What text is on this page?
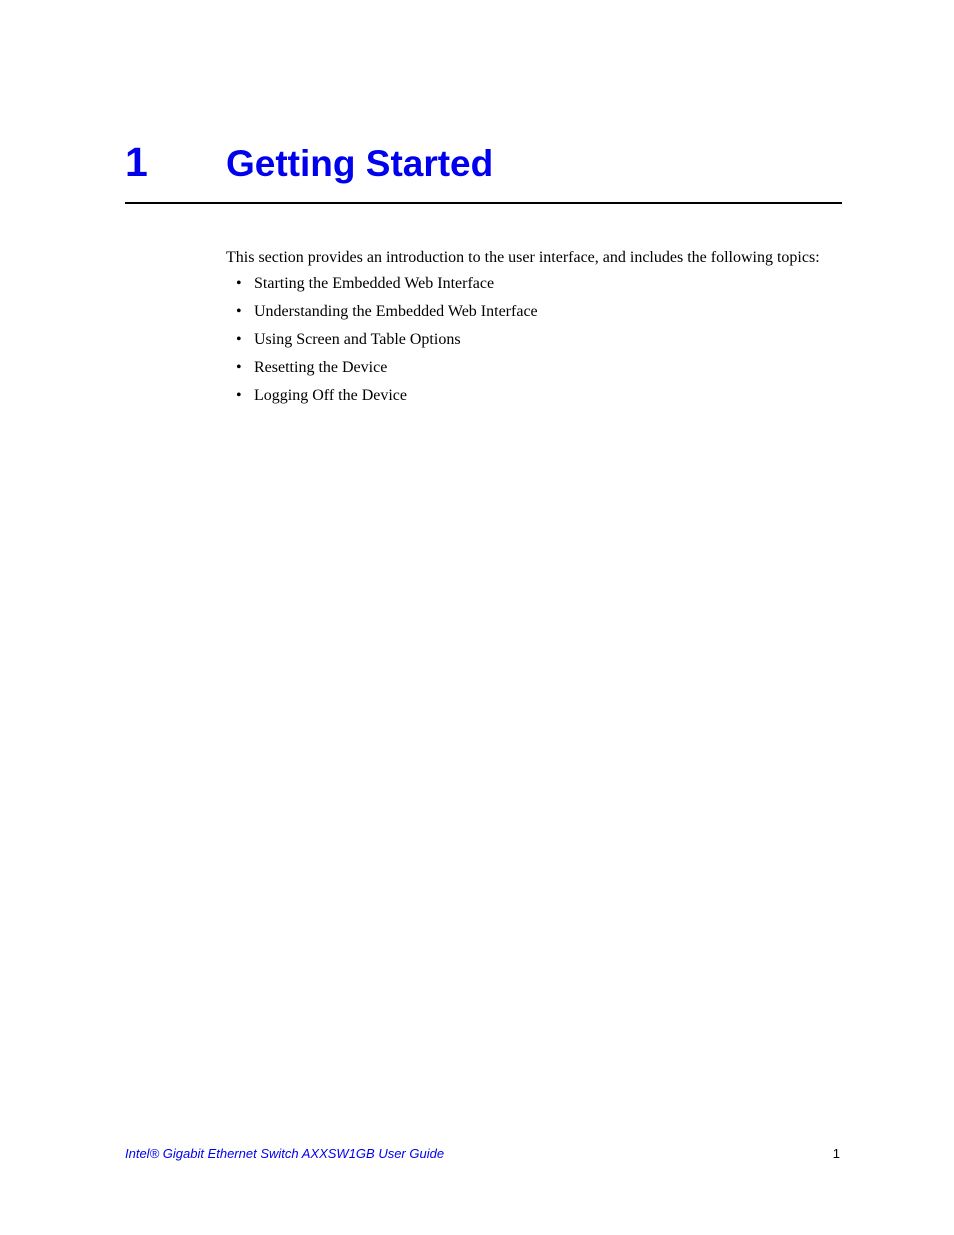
1 Getting Started

This section provides an introduction to the user interface, and includes the following topics:

• Starting the Embedded Web Interface
• Understanding the Embedded Web Interface
• Using Screen and Table Options
• Resetting the Device
• Logging Off the Device
Intel® Gigabit Ethernet Switch AXXSW1GB User Guide	1
